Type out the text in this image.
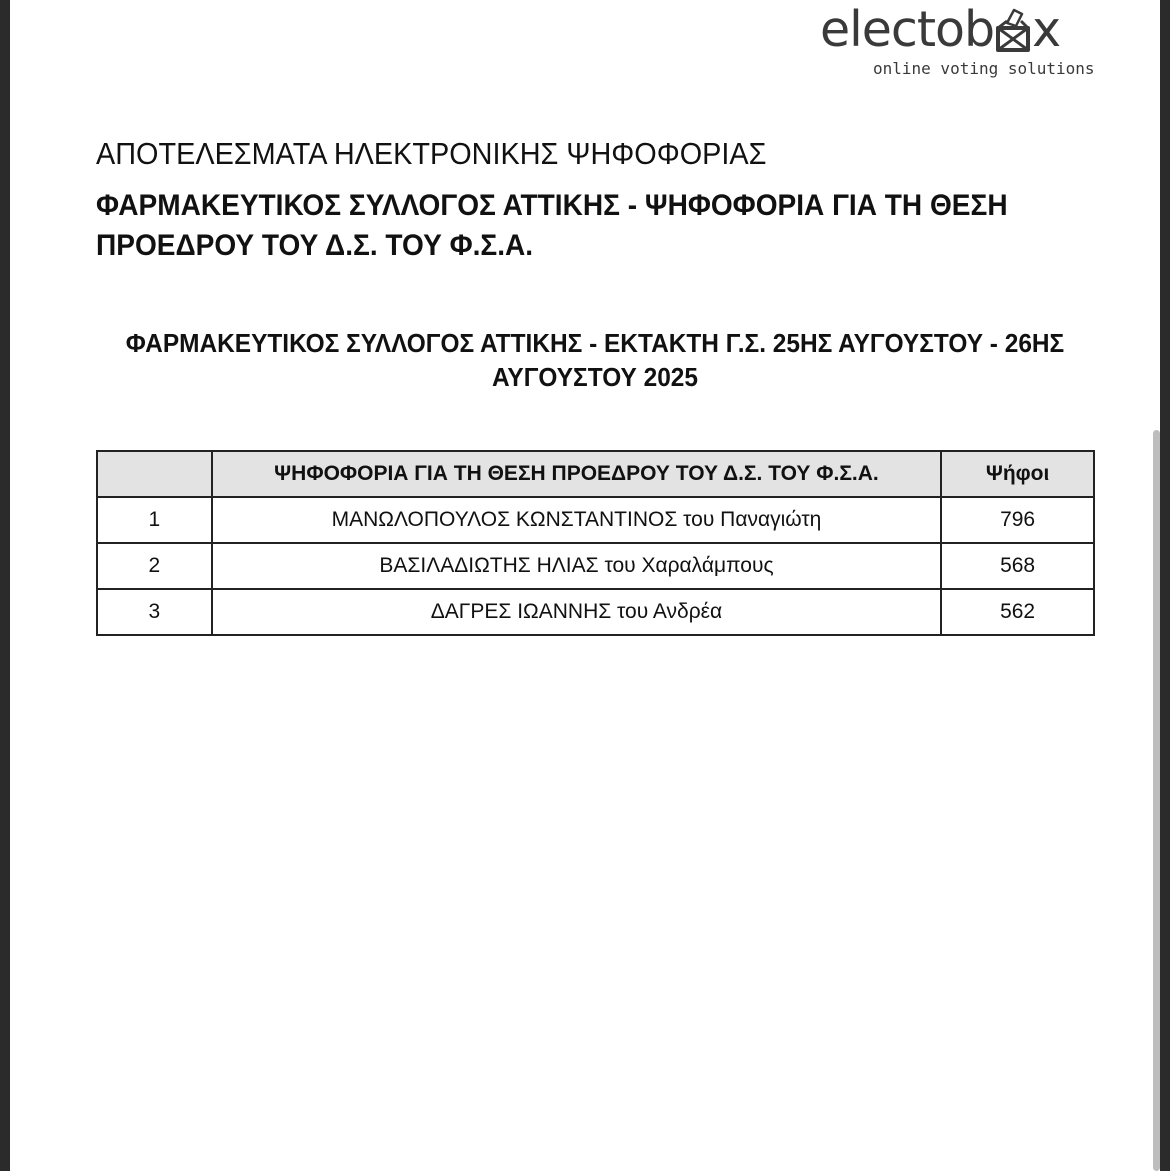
electob x
online voting solutions
ΑΠΟΤΕΛΕΣΜΑΤΑ ΗΛΕΚΤΡΟΝΙΚΗΣ ΨΗΦΟΦΟΡΙΑΣ
ΦΑΡΜΑΚΕΥΤΙΚΟΣ ΣΥΛΛΟΓΟΣ ΑΤΤΙΚΗΣ - ΨΗΦΟΦΟΡΙΑ ΓΙΑ ΤΗ ΘΕΣΗ ΠΡΟΕΔΡΟΥ ΤΟΥ Δ.Σ. ΤΟΥ Φ.Σ.Α.
ΦΑΡΜΑΚΕΥΤΙΚΟΣ ΣΥΛΛΟΓΟΣ ΑΤΤΙΚΗΣ - ΕΚΤΑΚΤΗ Γ.Σ. 25ΗΣ ΑΥΓΟΥΣΤΟΥ - 26ΗΣ ΑΥΓΟΥΣΤΟΥ 2025
	ΨΗΦΟΦΟΡΙΑ ΓΙΑ ΤΗ ΘΕΣΗ ΠΡΟΕΔΡΟΥ ΤΟΥ Δ.Σ. ΤΟΥ Φ.Σ.Α.	Ψήφοι
1	ΜΑΝΩΛΟΠΟΥΛΟΣ ΚΩΝΣΤΑΝΤΙΝΟΣ του Παναγιώτη	796
2	ΒΑΣΙΛΑΔΙΩΤΗΣ ΗΛΙΑΣ του Χαραλάμπους	568
3	ΔΑΓΡΕΣ ΙΩΑΝΝΗΣ του Ανδρέα	562
